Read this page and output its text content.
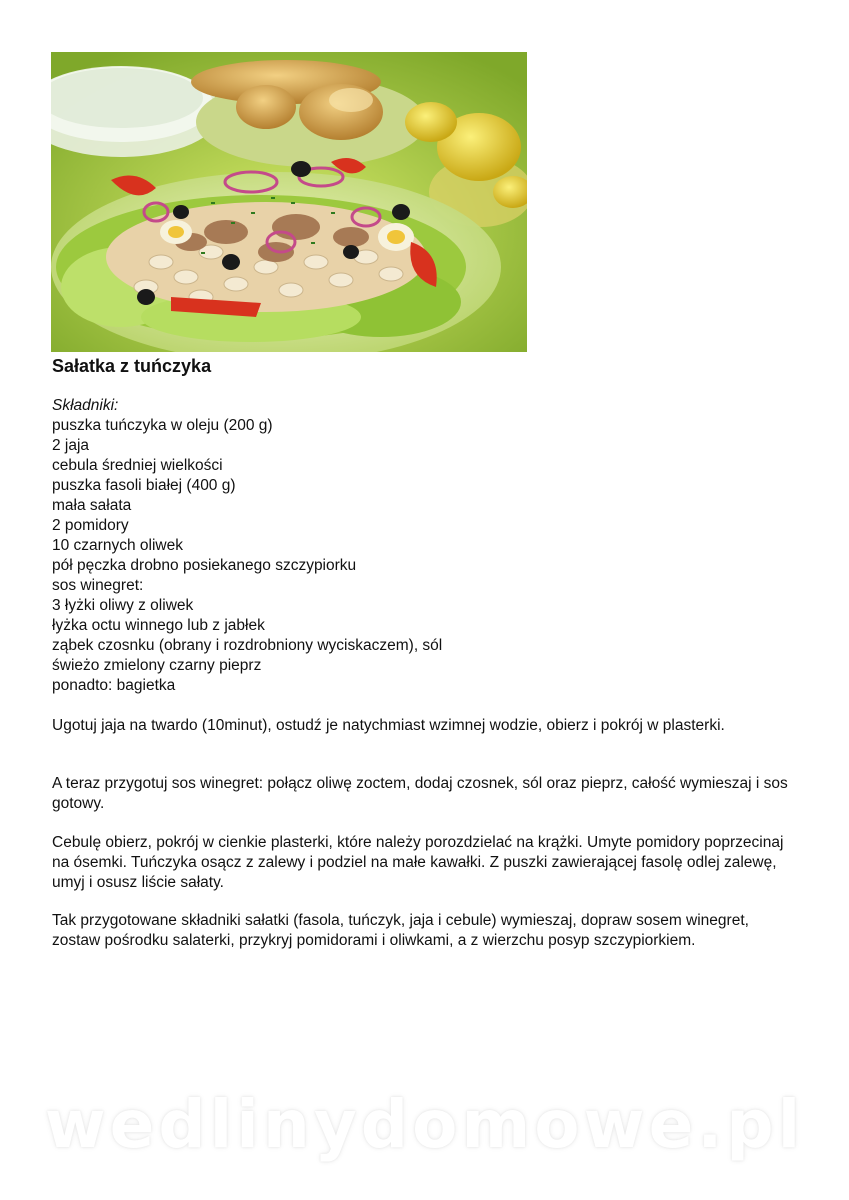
Sałatka z tuńczyka
Składniki:
puszka tuńczyka w oleju (200 g)
2 jaja
cebula średniej wielkości
puszka fasoli białej (400 g)
mała sałata
2 pomidory
10 czarnych oliwek
pół pęczka drobno posiekanego szczypiorku
sos winegret:
3 łyżki oliwy z oliwek
łyżka octu winnego lub z jabłek
ząbek czosnku (obrany i rozdrobniony wyciskaczem), sól
świeżo zmielony czarny pieprz
ponadto: bagietka

Ugotuj jaja na twardo (10minut), ostudź je natychmiast wzimnej wodzie, obierz i pokrój w plasterki.

A teraz przygotuj sos winegret: połącz oliwę zoctem, dodaj czosnek, sól oraz pieprz, całość wymieszaj i sos gotowy.

Cebulę obierz, pokrój w cienkie plasterki, które należy porozdzielać na krążki. Umyte pomidory poprzecinaj na ósemki. Tuńczyka osącz z zalewy i podziel na małe kawałki. Z puszki zawierającej fasolę odlej zalewę, umyj i osusz liście sałaty.

Tak przygotowane składniki sałatki (fasola, tuńczyk, jaja i cebule) wymieszaj, dopraw sosem winegret, zostaw pośrodku salaterki, przykryj pomidorami i oliwkami, a z wierzchu posyp szczypiorkiem.

wedlinydomowe.pl
